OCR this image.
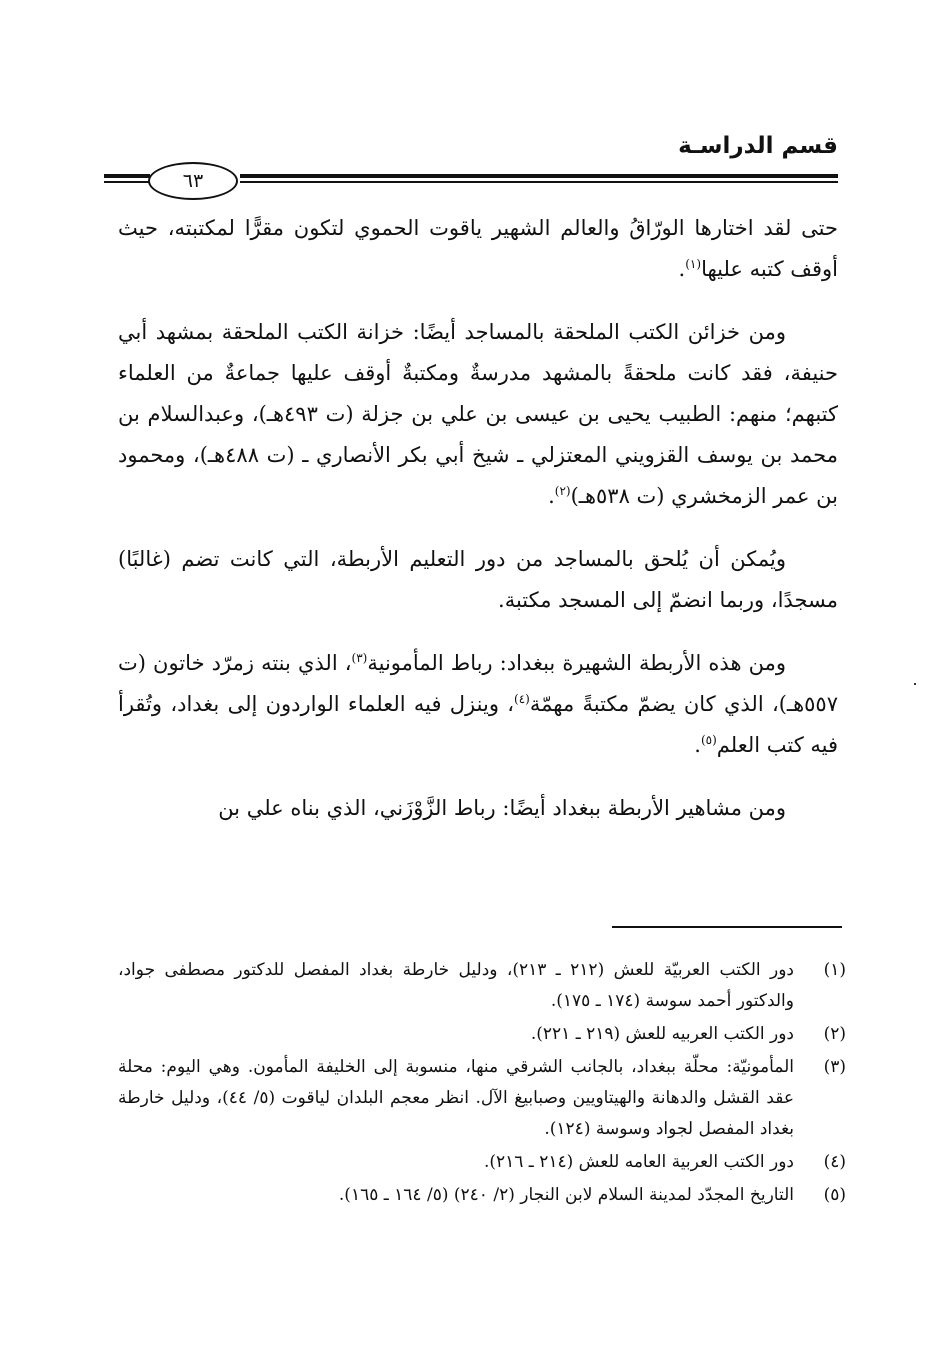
قسم الدراسـة
٦٣

حتى لقد اختارها الورّاقُ والعالم الشهير ياقوت الحموي لتكون مقرًّا لمكتبته، حيث أوقف كتبه عليها$^{(١)}$.

ومن خزائن الكتب الملحقة بالمساجد أيضًا: خزانة الكتب الملحقة بمشهد أبي حنيفة، فقد كانت ملحقةً بالمشهد مدرسةٌ ومكتبةٌ أوقف عليها جماعةٌ من العلماء كتبهم؛ منهم: الطبيب يحيى بن عيسى بن علي بن جزلة (ت ٤٩٣هـ)، وعبدالسلام بن محمد بن يوسف القزويني المعتزلي ـ شيخ أبي بكر الأنصاري ـ (ت ٤٨٨هـ)، ومحمود بن عمر الزمخشري (ت ٥٣٨هـ)$^{(٢)}$.

ويُمكن أن يُلحق بالمساجد من دور التعليم الأربطة، التي كانت تضم (غالبًا) مسجدًا، وربما انضمّ إلى المسجد مكتبة.

ومن هذه الأربطة الشهيرة ببغداد: رباط المأمونية$^{(٣)}$، الذي بنته زمرّد خاتون (ت ٥٥٧هـ)، الذي كان يضمّ مكتبةً مهمّة$^{(٤)}$، وينزل فيه العلماء الواردون إلى بغداد، وتُقرأ فيه كتب العلم$^{(٥)}$.

ومن مشاهير الأربطة ببغداد أيضًا: رباط الزَّوْزَني، الذي بناه علي بن

(١)
دور الكتب العربيّة للعش (٢١٢ ـ ٢١٣)، ودليل خارطة بغداد المفصل للدكتور مصطفى جواد، والدكتور أحمد سوسة (١٧٤ ـ ١٧٥).
(٢)
دور الكتب العربيه للعش (٢١٩ ـ ٢٢١).
(٣)
المأمونيّة: محلّة ببغداد، بالجانب الشرقي منها، منسوبة إلى الخليفة المأمون. وهي اليوم: محلة عقد القشل والدهانة والهيتاويين وصبابيغ الآل. انظر معجم البلدان لياقوت (٥/ ٤٤)، ودليل خارطة بغداد المفصل لجواد وسوسة (١٢٤).
(٤)
دور الكتب العربية العامه للعش (٢١٤ ـ ٢١٦).
(٥)
التاريخ المجدّد لمدينة السلام لابن النجار (٢/ ٢٤٠) (٥/ ١٦٤ ـ ١٦٥).
